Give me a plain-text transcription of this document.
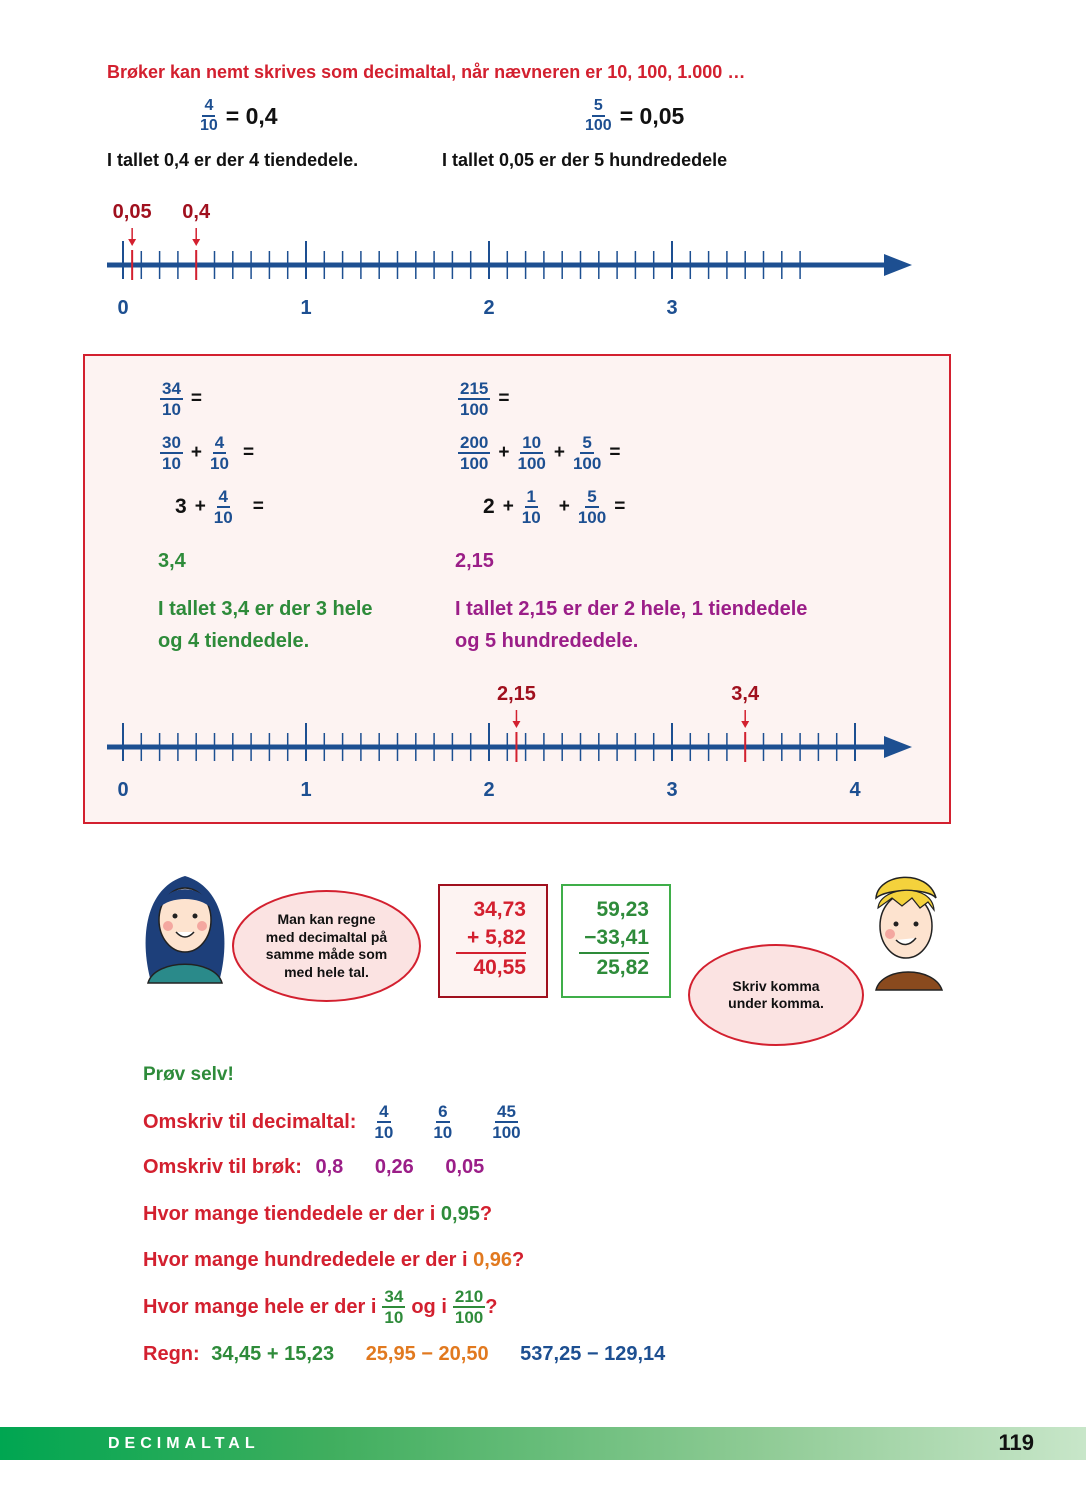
Brøker kan nemt skrives som decimaltal, når nævneren er 10, 100, 1.000 …
$\frac{4}{10} = 0,4$	$\frac{5}{100} = 0,05$
I tallet 0,4 er der 4 tiendedele.	I tallet 0,05 er der 5 hundrededele
0,05 0,4
0	1	2	3
$\frac{34}{10}$ =
$\frac{30}{10} + \frac{4}{10}$ =
$3 + \frac{4}{10}$ =
3,4
I tallet 3,4 er der 3 hele
og 4 tiendedele.
$\frac{215}{100}$ =
$\frac{200}{100} + \frac{10}{100} + \frac{5}{100}$ =
$2 + \frac{1}{10} + \frac{5}{100}$ =
2,15
I tallet 2,15 er der 2 hele, 1 tiendedele
og 5 hundrededele.
2,15	3,4
0	1	2	3	4
Man kan regne
med decimaltal på
samme måde som
med hele tal.
34,73
+ 5,82
40,55
59,23
−33,41
25,82
Skriv komma
under komma.
Prøv selv!
Omskriv til decimaltal: $\frac{4}{10} \frac{6}{10} \frac{45}{100}$
Omskriv til brøk: 0,8 0,26 0,05
Hvor mange tiendedele er der i 0,95?
Hvor mange hundrededele er der i 0,96?
Hvor mange hele er der i $\frac{34}{10}$ og i $\frac{210}{100}$ ?
Regn: 34,45 + 15,23 25,95 − 20,50 537,25 − 129,14
DECIMALTAL	119
